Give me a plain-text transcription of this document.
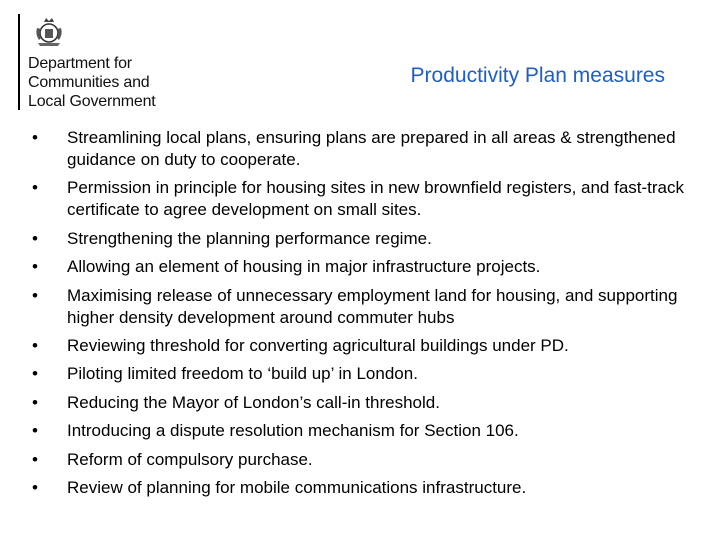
Department for
Communities and
Local Government
Productivity Plan measures
•	Streamlining local plans, ensuring plans are prepared in all areas & strengthened guidance on duty to cooperate.
•	Permission in principle for housing sites in new brownfield registers, and fast-track certificate to agree development on small sites.
•	Strengthening the planning performance regime.
•	Allowing an element of housing in major infrastructure projects.
•	Maximising release of unnecessary employment land for housing, and supporting higher density development around commuter hubs
•	Reviewing threshold for converting agricultural buildings under PD.
•	Piloting limited freedom to ‘build up’ in London.
•	Reducing the Mayor of London’s call-in threshold.
•	Introducing a dispute resolution mechanism for Section 106.
•	Reform of compulsory purchase.
•	Review of planning for mobile communications infrastructure.
